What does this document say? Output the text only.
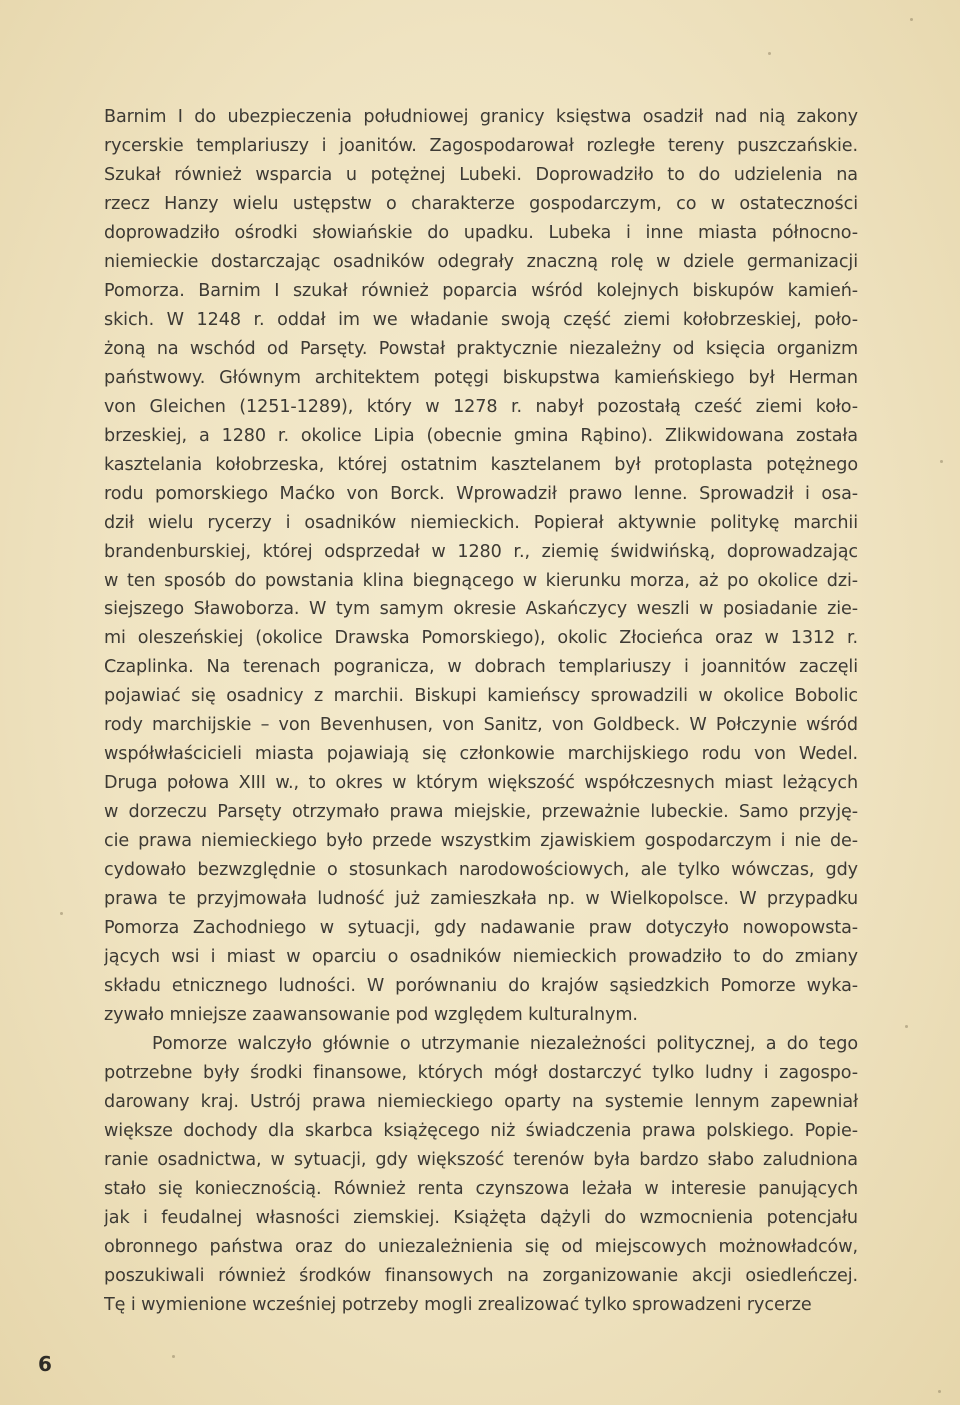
Barnim I do ubezpieczenia południowej granicy księstwa osadził nad nią zakony
rycerskie templariuszy i joanitów. Zagospodarował rozległe tereny puszczańskie.
Szukał również wsparcia u potężnej Lubeki. Doprowadziło to do udzielenia na
rzecz Hanzy wielu ustępstw o charakterze gospodarczym, co w ostateczności
doprowadziło ośrodki słowiańskie do upadku. Lubeka i inne miasta północno-
niemieckie dostarczając osadników odegrały znaczną rolę w dziele germanizacji
Pomorza. Barnim I szukał również poparcia wśród kolejnych biskupów kamień-
skich. W 1248 r. oddał im we władanie swoją część ziemi kołobrzeskiej, poło-
żoną na wschód od Parsęty. Powstał praktycznie niezależny od księcia organizm
państwowy. Głównym architektem potęgi biskupstwa kamieńskiego był Herman
von Gleichen (1251-1289), który w 1278 r. nabył pozostałą cześć ziemi koło-
brzeskiej, a 1280 r. okolice Lipia (obecnie gmina Rąbino). Zlikwidowana została
kasztelania kołobrzeska, której ostatnim kasztelanem był protoplasta potężnego
rodu pomorskiego Maćko von Borck. Wprowadził prawo lenne. Sprowadził i osa-
dził wielu rycerzy i osadników niemieckich. Popierał aktywnie politykę marchii
brandenburskiej, której odsprzedał w 1280 r., ziemię świdwińską, doprowadzając
w ten sposób do powstania klina biegnącego w kierunku morza, aż po okolice dzi-
siejszego Sławoborza. W tym samym okresie Askańczycy weszli w posiadanie zie-
mi oleszeńskiej (okolice Drawska Pomorskiego), okolic Złocieńca oraz w 1312 r.
Czaplinka. Na terenach pogranicza, w dobrach templariuszy i joannitów zaczęli
pojawiać się osadnicy z marchii. Biskupi kamieńscy sprowadzili w okolice Bobolic
rody marchijskie – von Bevenhusen, von Sanitz, von Goldbeck. W Połczynie wśród
współwłaścicieli miasta pojawiają się członkowie marchijskiego rodu von Wedel.
Druga połowa XIII w., to okres w którym większość współczesnych miast leżących
w dorzeczu Parsęty otrzymało prawa miejskie, przeważnie lubeckie. Samo przyję-
cie prawa niemieckiego było przede wszystkim zjawiskiem gospodarczym i nie de-
cydowało bezwzględnie o stosunkach narodowościowych, ale tylko wówczas, gdy
prawa te przyjmowała ludność już zamieszkała np. w Wielkopolsce. W przypadku
Pomorza Zachodniego w sytuacji, gdy nadawanie praw dotyczyło nowopowsta-
jących wsi i miast w oparciu o osadników niemieckich prowadziło to do zmiany
składu etnicznego ludności. W porównaniu do krajów sąsiedzkich Pomorze wyka-
zywało mniejsze zaawansowanie pod względem kulturalnym.
Pomorze walczyło głównie o utrzymanie niezależności politycznej, a do tego
potrzebne były środki finansowe, których mógł dostarczyć tylko ludny i zagospo-
darowany kraj. Ustrój prawa niemieckiego oparty na systemie lennym zapewniał
większe dochody dla skarbca książęcego niż świadczenia prawa polskiego. Popie-
ranie osadnictwa, w sytuacji, gdy większość terenów była bardzo słabo zaludniona
stało się koniecznością. Również renta czynszowa leżała w interesie panujących
jak i feudalnej własności ziemskiej. Książęta dążyli do wzmocnienia potencjału
obronnego państwa oraz do uniezależnienia się od miejscowych możnowładców,
poszukiwali również środków finansowych na zorganizowanie akcji osiedleńczej.
Tę i wymienione wcześniej potrzeby mogli zrealizować tylko sprowadzeni rycerze
6
